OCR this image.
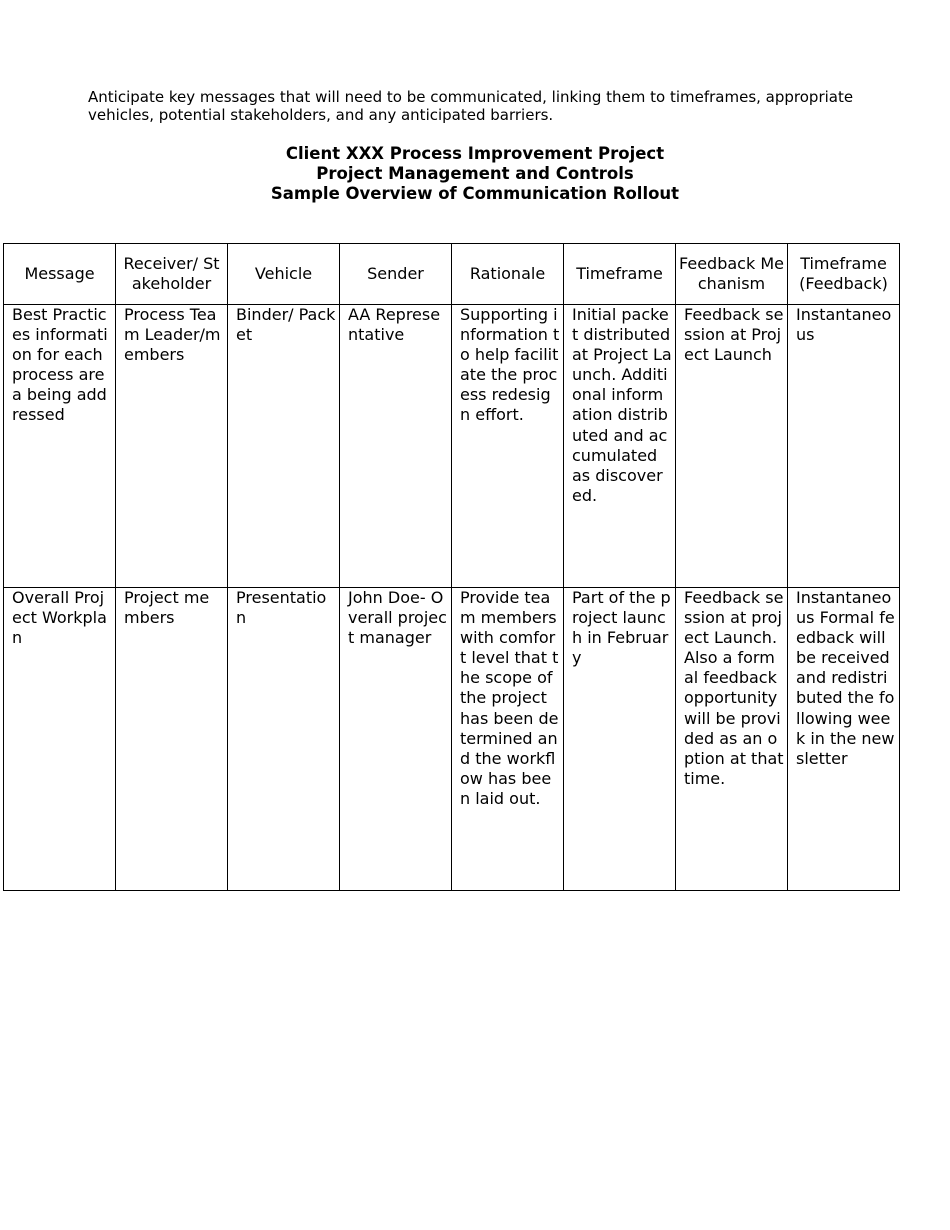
Anticipate key messages that will need to be communicated, linking them to timeframes, appropriate vehicles, potential stakeholders, and any anticipated barriers.

Client XXX Process Improvement Project
Project Management and Controls
Sample Overview of Communication Rollout
Message	Receiver/ Stakeholder	Vehicle	Sender	Rationale	Timeframe	Feedback Mechanism	Timeframe (Feedback)
Best Practices information for each process area being addressed	Process Team Leader/members	Binder/ Packet	AA Representative	Supporting information to help facilitate the process redesign effort.	Initial packet distributed at Project Launch. Additional information distributed and accumulated as discovered.	Feedback session at Project Launch	Instantaneous
Overall Project Workplan	Project members	Presentation	John Doe- Overall project manager	Provide team members with comfort level that the scope of the project has been determined and the workflow has been laid out.	Part of the project launch in February	Feedback session at project Launch. Also a formal feedback opportunity will be provided as an option at that time.	Instantaneous Formal feedback will be received and redistributed the following week in the newsletter
